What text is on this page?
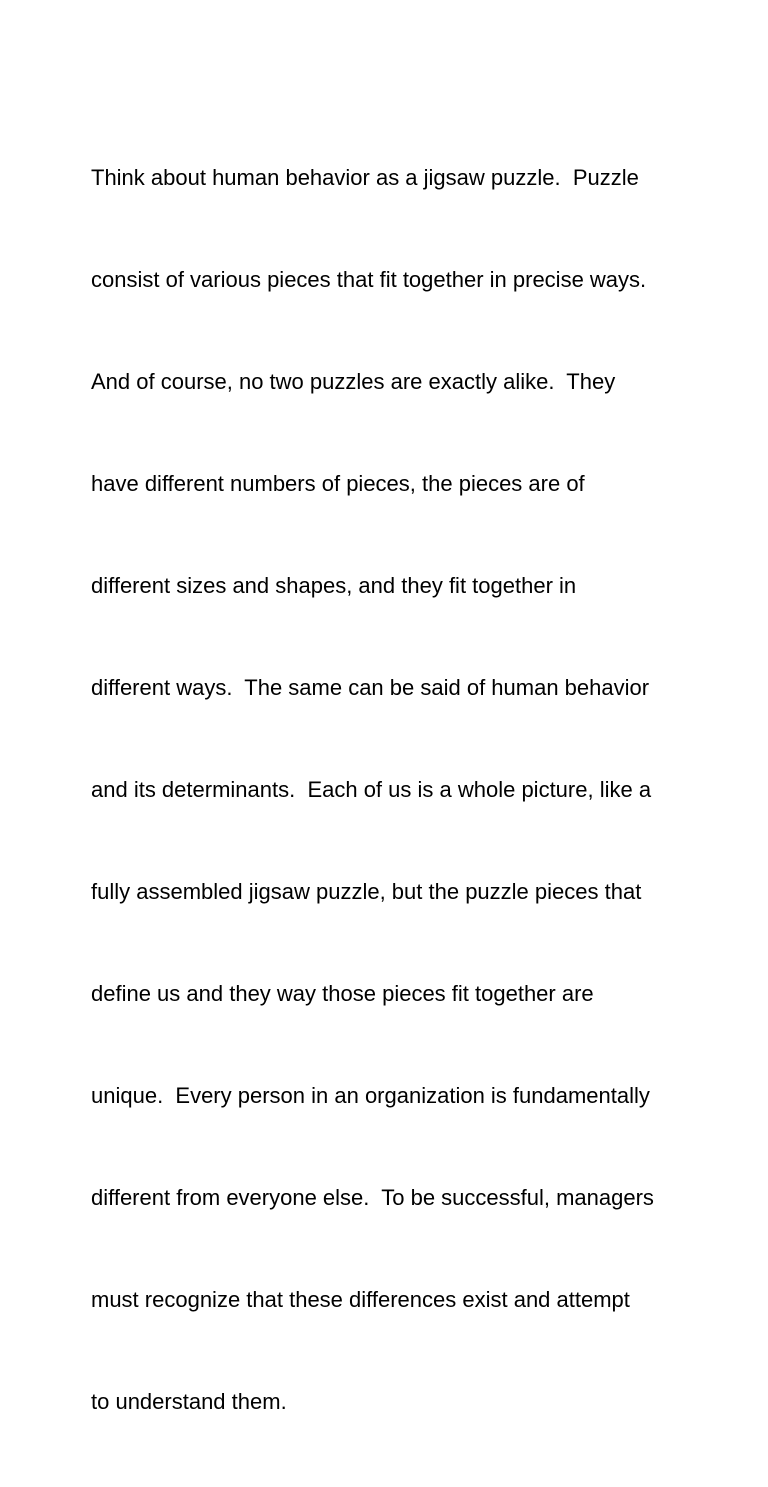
Think about human behavior as a jigsaw puzzle.  Puzzle

consist of various pieces that fit together in precise ways.

And of course, no two puzzles are exactly alike.  They

have different numbers of pieces, the pieces are of

different sizes and shapes, and they fit together in

different ways.  The same can be said of human behavior

and its determinants.  Each of us is a whole picture, like a

fully assembled jigsaw puzzle, but the puzzle pieces that

define us and they way those pieces fit together are

unique.  Every person in an organization is fundamentally

different from everyone else.  To be successful, managers

must recognize that these differences exist and attempt

to understand them.
